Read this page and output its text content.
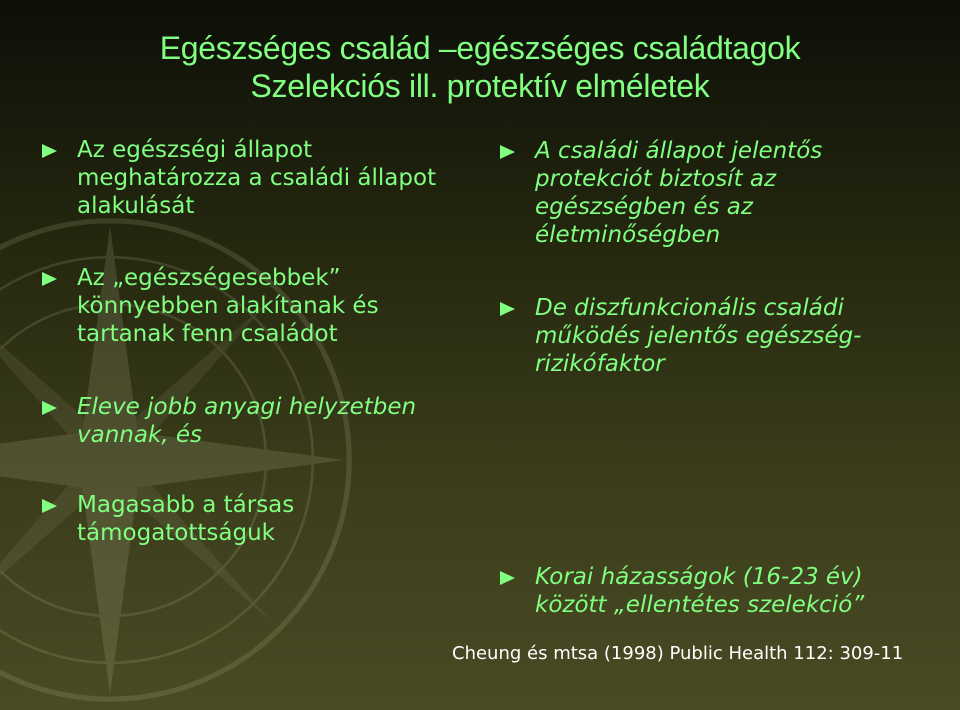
Egészséges család –egészséges családtagok
Szelekciós ill. protektív elméletek
Az egészségi állapot
meghatározza a családi állapot
alakulását
Az „egészségesebbek”
könnyebben alakítanak és
tartanak fenn családot
Eleve jobb anyagi helyzetben
vannak, és
Magasabb a társas
támogatottságuk
A családi állapot jelentős
protekciót biztosít az
egészségben és az
életminőségben
De diszfunkcionális családi
működés jelentős egészség-
rizikófaktor
Korai házasságok (16-23 év)
között „ellentétes szelekció”
Cheung és mtsa (1998) Public Health 112: 309-11
